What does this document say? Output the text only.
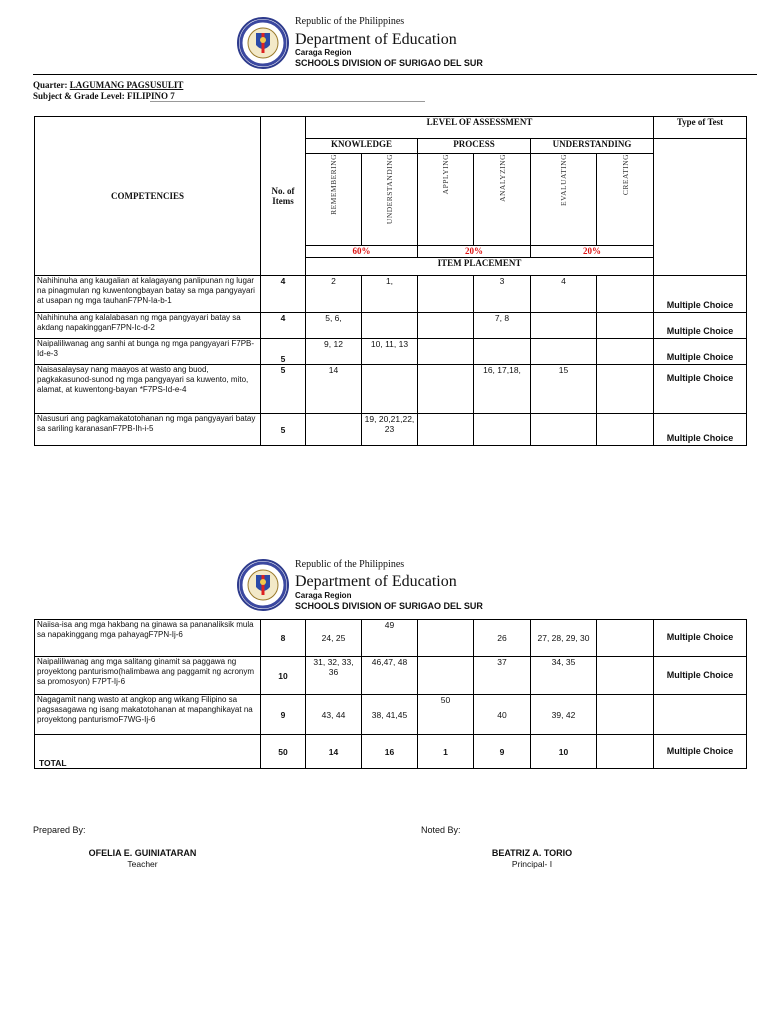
Republic of the Philippines
Department of Education
Caraga Region
SCHOOLS DIVISION OF SURIGAO DEL SUR
Quarter: LAGUMANG PAGSUSULIT
Subject & Grade Level: FILIPINO 7
COMPETENCIES	No. of Items	LEVEL OF ASSESSMENT						Type of Test
		KNOWLEDGE		PROCESS		UNDERSTANDING		

		REMEMBERING	UNDERSTANDING	APPLYING	ANALYZING	EVALUATING	CREATING	

		60%		20%		20%		
		ITEM PLACEMENT						
Nahihinuha ang kaugalian at kalagayang panlipunan ng lugar na pinagmulan ng kuwentongbayan batay sa mga pangyayari at usapan ng mga tauhanF7PN-Ia-b-1	4	2	1,		3	4		Multiple Choice
Nahihinuha ang kalalabasan ng mga pangyayari batay sa akdang napakingganF7PN-Ic-d-2	4	5, 6,			7, 8			Multiple Choice
Naipaliliwanag ang sanhi at bunga ng mga pangyayari F7PB-Id-e-3	5	9, 12	10, 11, 13					Multiple Choice
Naisasalaysay nang maayos at wasto ang buod, pagkakasunod-sunod ng mga pangyayari sa kuwento, mito, alamat, at kuwentong-bayan *F7PS-Id-e-4	5	14			16, 17,18,	15		Multiple Choice
Nasusuri ang pagkamakatotohanan ng mga pangyayari batay sa sariling karanasanF7PB-Ih-i-5	5		19, 20,21,22, 23					Multiple Choice
Republic of the Philippines
Department of Education
Caraga Region
SCHOOLS DIVISION OF SURIGAO DEL SUR
Naiisa-isa ang mga hakbang na ginawa sa pananaliksik mula sa napakinggang mga pahayagF7PN-Ij-6	8	24, 25	49		26	27, 28, 29, 30		Multiple Choice
Naipaliliwanag ang mga salitang ginamit sa paggawa ng proyektong panturismo(halimbawa ang paggamit ng acronym sa promosyon) F7PT-Ij-6	10	31, 32, 33, 36	46,47, 48		37	34, 35		Multiple Choice
Nagagamit nang wasto at angkop ang wikang Filipino sa pagsasagawa ng isang makatotohanan at mapanghikayat na proyektong panturismoF7WG-Ij-6	9	43, 44	38, 41,45	50	40	39, 42		
TOTAL	50	14	16	1	9	10		Multiple Choice
Prepared By:
OFELIA E. GUINIATARAN
Teacher
Noted By:
BEATRIZ A. TORIO
Principal- I
